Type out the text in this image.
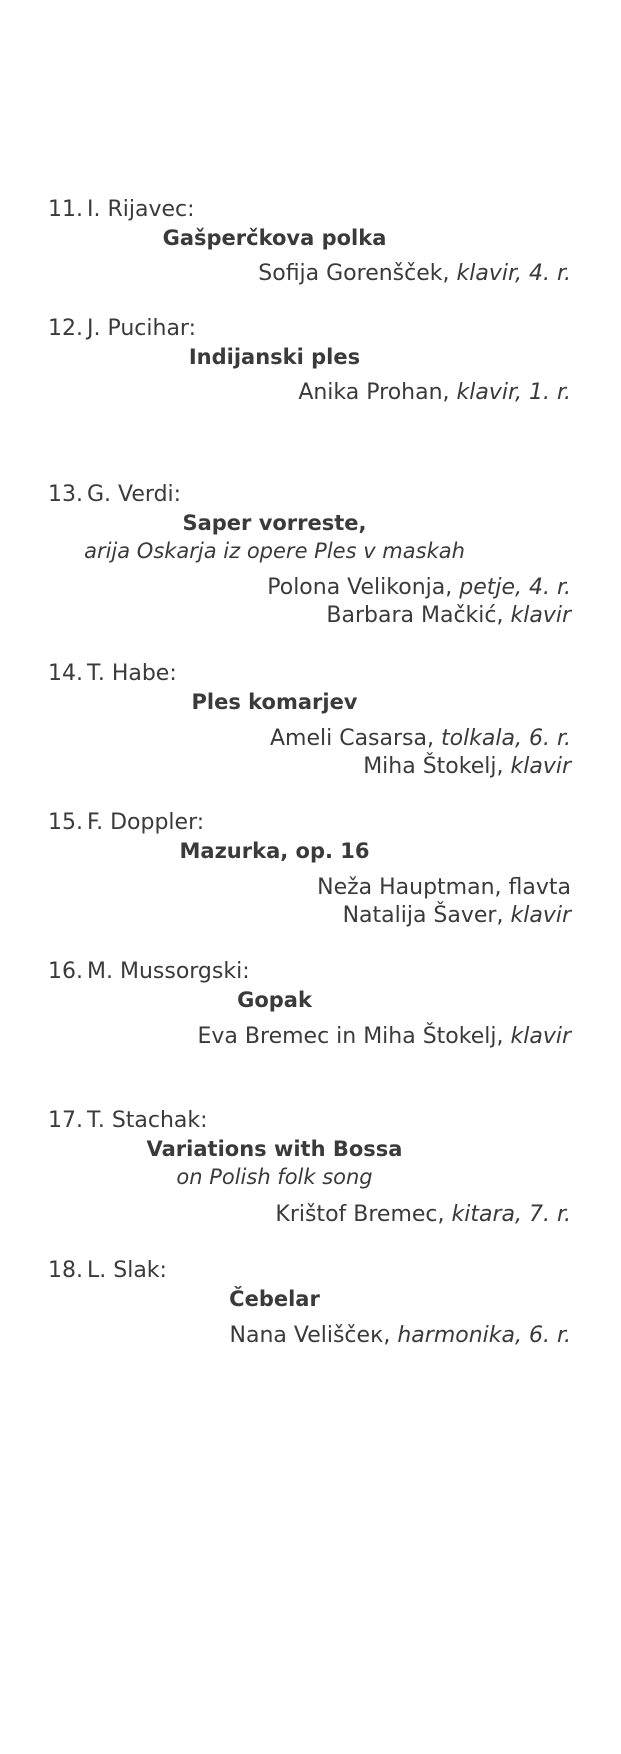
11. I. Rijavec:
Gašperčkova polka
Sofija Gorenšček, klavir, 4. r.
12. J. Pucihar:
Indijanski ples
Anika Prohan, klavir, 1. r.
13. G. Verdi:
Saper vorreste,
arija Oskarja iz opere Ples v maskah
Polona Velikonja, petje, 4. r.
Barbara Mačkić, klavir
14. T. Habe:
Ples komarjev
Ameli Casarsa, tolkala, 6. r.
Miha Štokelj, klavir
15. F. Doppler:
Mazurka, op. 16
Neža Hauptman, flavta
Natalija Šaver, klavir
16. M. Mussorgski:
Gopak
Eva Bremec in Miha Štokelj, klavir
17. T. Stachak:
Variations with Bossa
on Polish folk song
Krištof Bremec, kitara, 7. r.
18. L. Slak:
Čebelar
Nana Veliščeк, harmonika, 6. r.
